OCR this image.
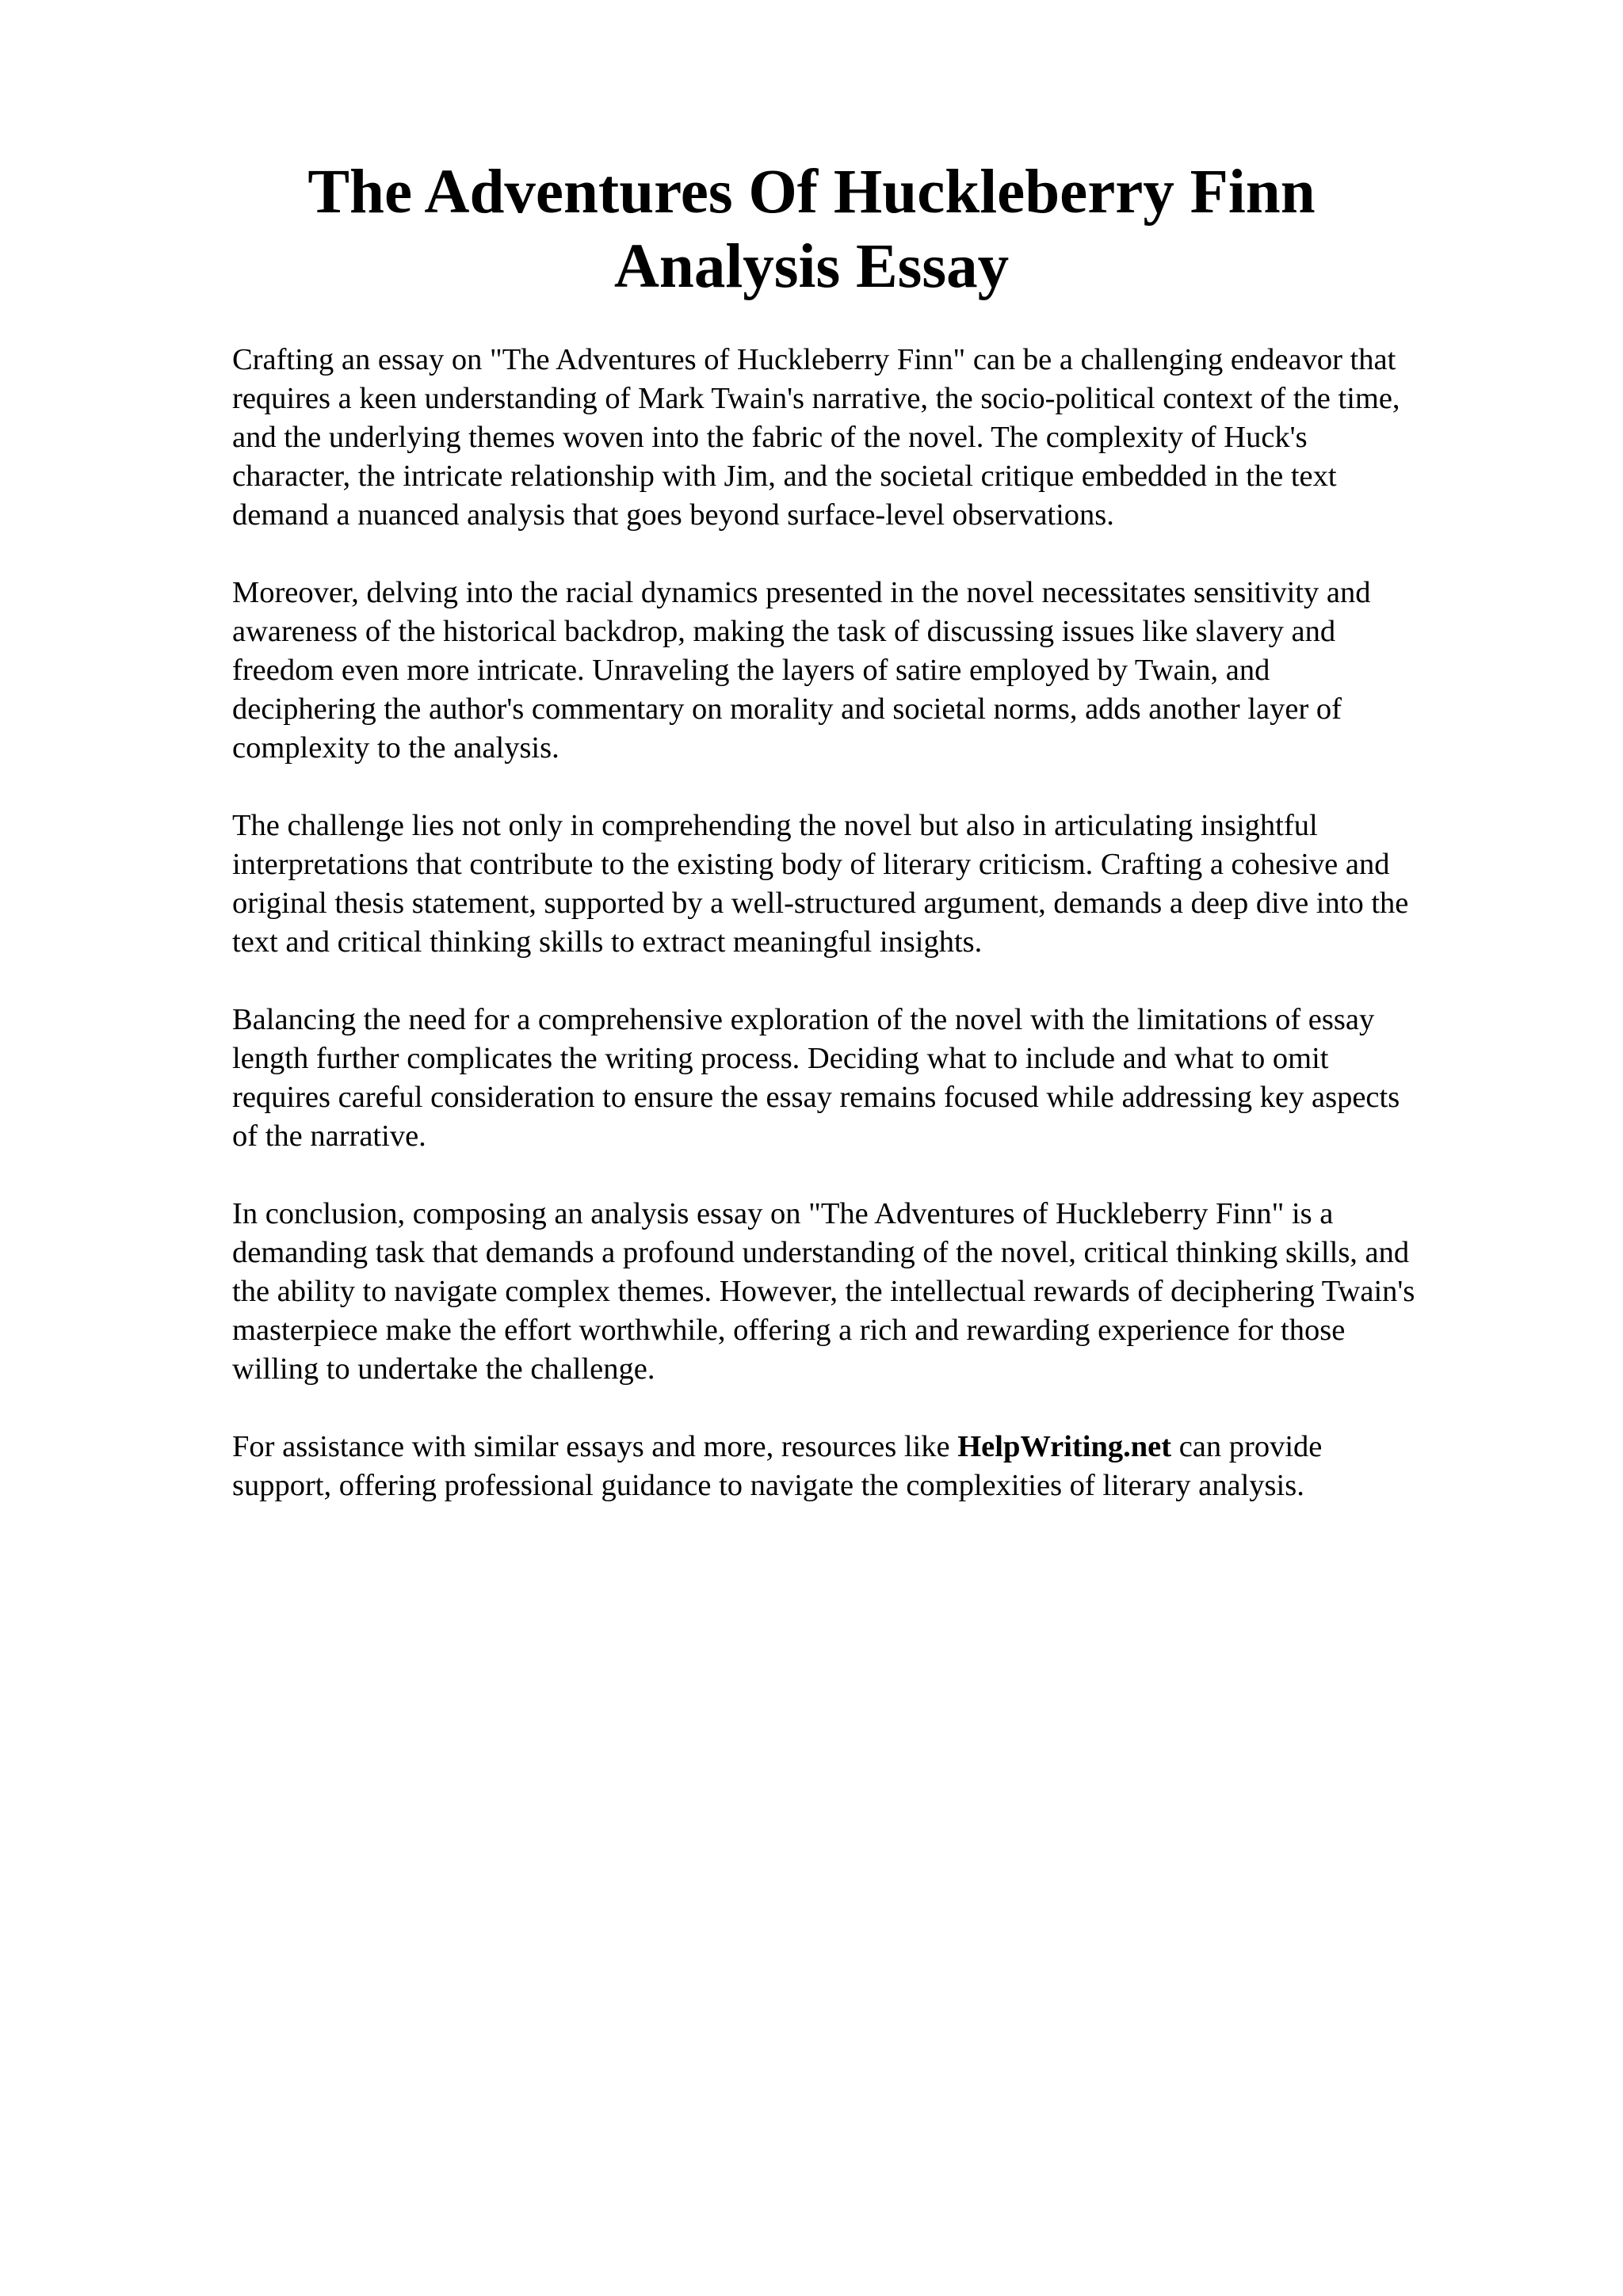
The Adventures Of Huckleberry Finn
Analysis Essay

Crafting an essay on "The Adventures of Huckleberry Finn" can be a challenging endeavor that
requires a keen understanding of Mark Twain's narrative, the socio-political context of the time,
and the underlying themes woven into the fabric of the novel. The complexity of Huck's
character, the intricate relationship with Jim, and the societal critique embedded in the text
demand a nuanced analysis that goes beyond surface-level observations.

Moreover, delving into the racial dynamics presented in the novel necessitates sensitivity and
awareness of the historical backdrop, making the task of discussing issues like slavery and
freedom even more intricate. Unraveling the layers of satire employed by Twain, and
deciphering the author's commentary on morality and societal norms, adds another layer of
complexity to the analysis.

The challenge lies not only in comprehending the novel but also in articulating insightful
interpretations that contribute to the existing body of literary criticism. Crafting a cohesive and
original thesis statement, supported by a well-structured argument, demands a deep dive into the
text and critical thinking skills to extract meaningful insights.

Balancing the need for a comprehensive exploration of the novel with the limitations of essay
length further complicates the writing process. Deciding what to include and what to omit
requires careful consideration to ensure the essay remains focused while addressing key aspects
of the narrative.

In conclusion, composing an analysis essay on "The Adventures of Huckleberry Finn" is a
demanding task that demands a profound understanding of the novel, critical thinking skills, and
the ability to navigate complex themes. However, the intellectual rewards of deciphering Twain's
masterpiece make the effort worthwhile, offering a rich and rewarding experience for those
willing to undertake the challenge.

For assistance with similar essays and more, resources like HelpWriting.net can provide
support, offering professional guidance to navigate the complexities of literary analysis.
